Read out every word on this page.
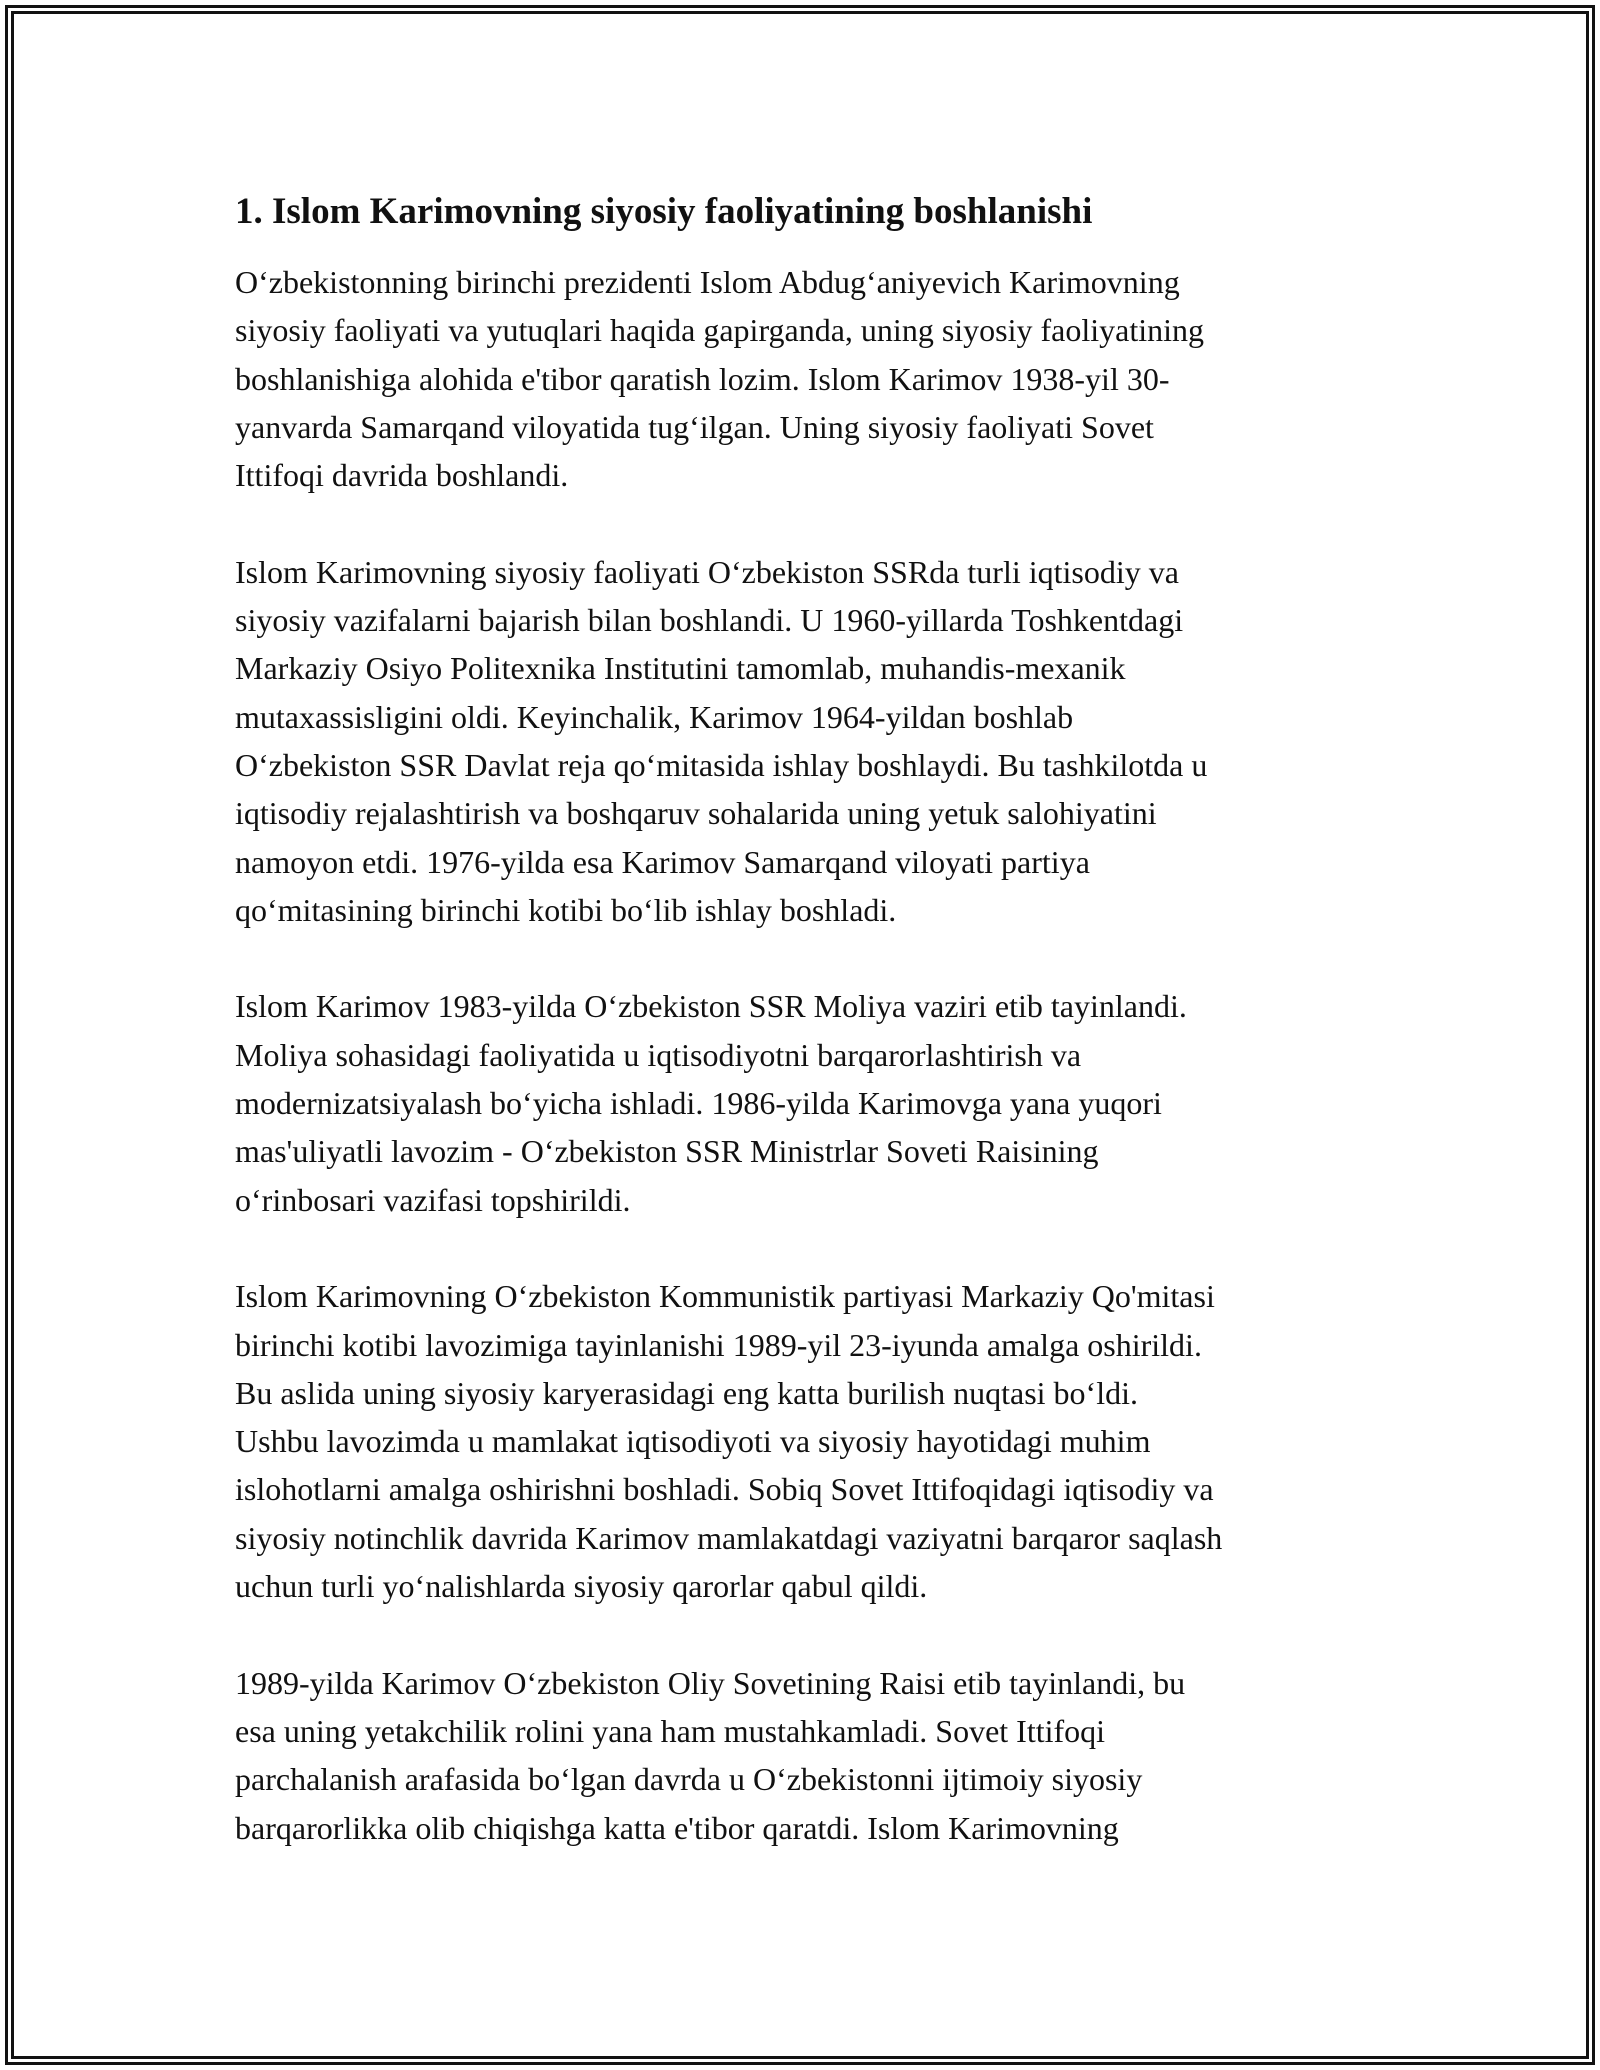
1. Islom Karimovning siyosiy faoliyatining boshlanishi
O‘zbekistonning birinchi prezidenti Islom Abdug‘aniyevich Karimovning
siyosiy faoliyati va yutuqlari haqida gapirganda, uning siyosiy faoliyatining
boshlanishiga alohida e'tibor qaratish lozim. Islom Karimov 1938-yil 30-
yanvarda Samarqand viloyatida tug‘ilgan. Uning siyosiy faoliyati Sovet
Ittifoqi davrida boshlandi.
Islom Karimovning siyosiy faoliyati O‘zbekiston SSRda turli iqtisodiy va
siyosiy vazifalarni bajarish bilan boshlandi. U 1960-yillarda Toshkentdagi
Markaziy Osiyo Politexnika Institutini tamomlab, muhandis-mexanik
mutaxassisligini oldi. Keyinchalik, Karimov 1964-yildan boshlab
O‘zbekiston SSR Davlat reja qo‘mitasida ishlay boshlaydi. Bu tashkilotda u
iqtisodiy rejalashtirish va boshqaruv sohalarida uning yetuk salohiyatini
namoyon etdi. 1976-yilda esa Karimov Samarqand viloyati partiya
qo‘mitasining birinchi kotibi bo‘lib ishlay boshladi.
Islom Karimov 1983-yilda O‘zbekiston SSR Moliya vaziri etib tayinlandi.
Moliya sohasidagi faoliyatida u iqtisodiyotni barqarorlashtirish va
modernizatsiyalash bo‘yicha ishladi. 1986-yilda Karimovga yana yuqori
mas'uliyatli lavozim - O‘zbekiston SSR Ministrlar Soveti Raisining
o‘rinbosari vazifasi topshirildi.
Islom Karimovning O‘zbekiston Kommunistik partiyasi Markaziy Qo'mitasi
birinchi kotibi lavozimiga tayinlanishi 1989-yil 23-iyunda amalga oshirildi.
Bu aslida uning siyosiy karyerasidagi eng katta burilish nuqtasi bo‘ldi.
Ushbu lavozimda u mamlakat iqtisodiyoti va siyosiy hayotidagi muhim
islohotlarni amalga oshirishni boshladi. Sobiq Sovet Ittifoqidagi iqtisodiy va
siyosiy notinchlik davrida Karimov mamlakatdagi vaziyatni barqaror saqlash
uchun turli yo‘nalishlarda siyosiy qarorlar qabul qildi.
1989-yilda Karimov O‘zbekiston Oliy Sovetining Raisi etib tayinlandi, bu
esa uning yetakchilik rolini yana ham mustahkamladi. Sovet Ittifoqi
parchalanish arafasida bo‘lgan davrda u O‘zbekistonni ijtimoiy siyosiy
barqarorlikka olib chiqishga katta e'tibor qaratdi. Islom Karimovning
